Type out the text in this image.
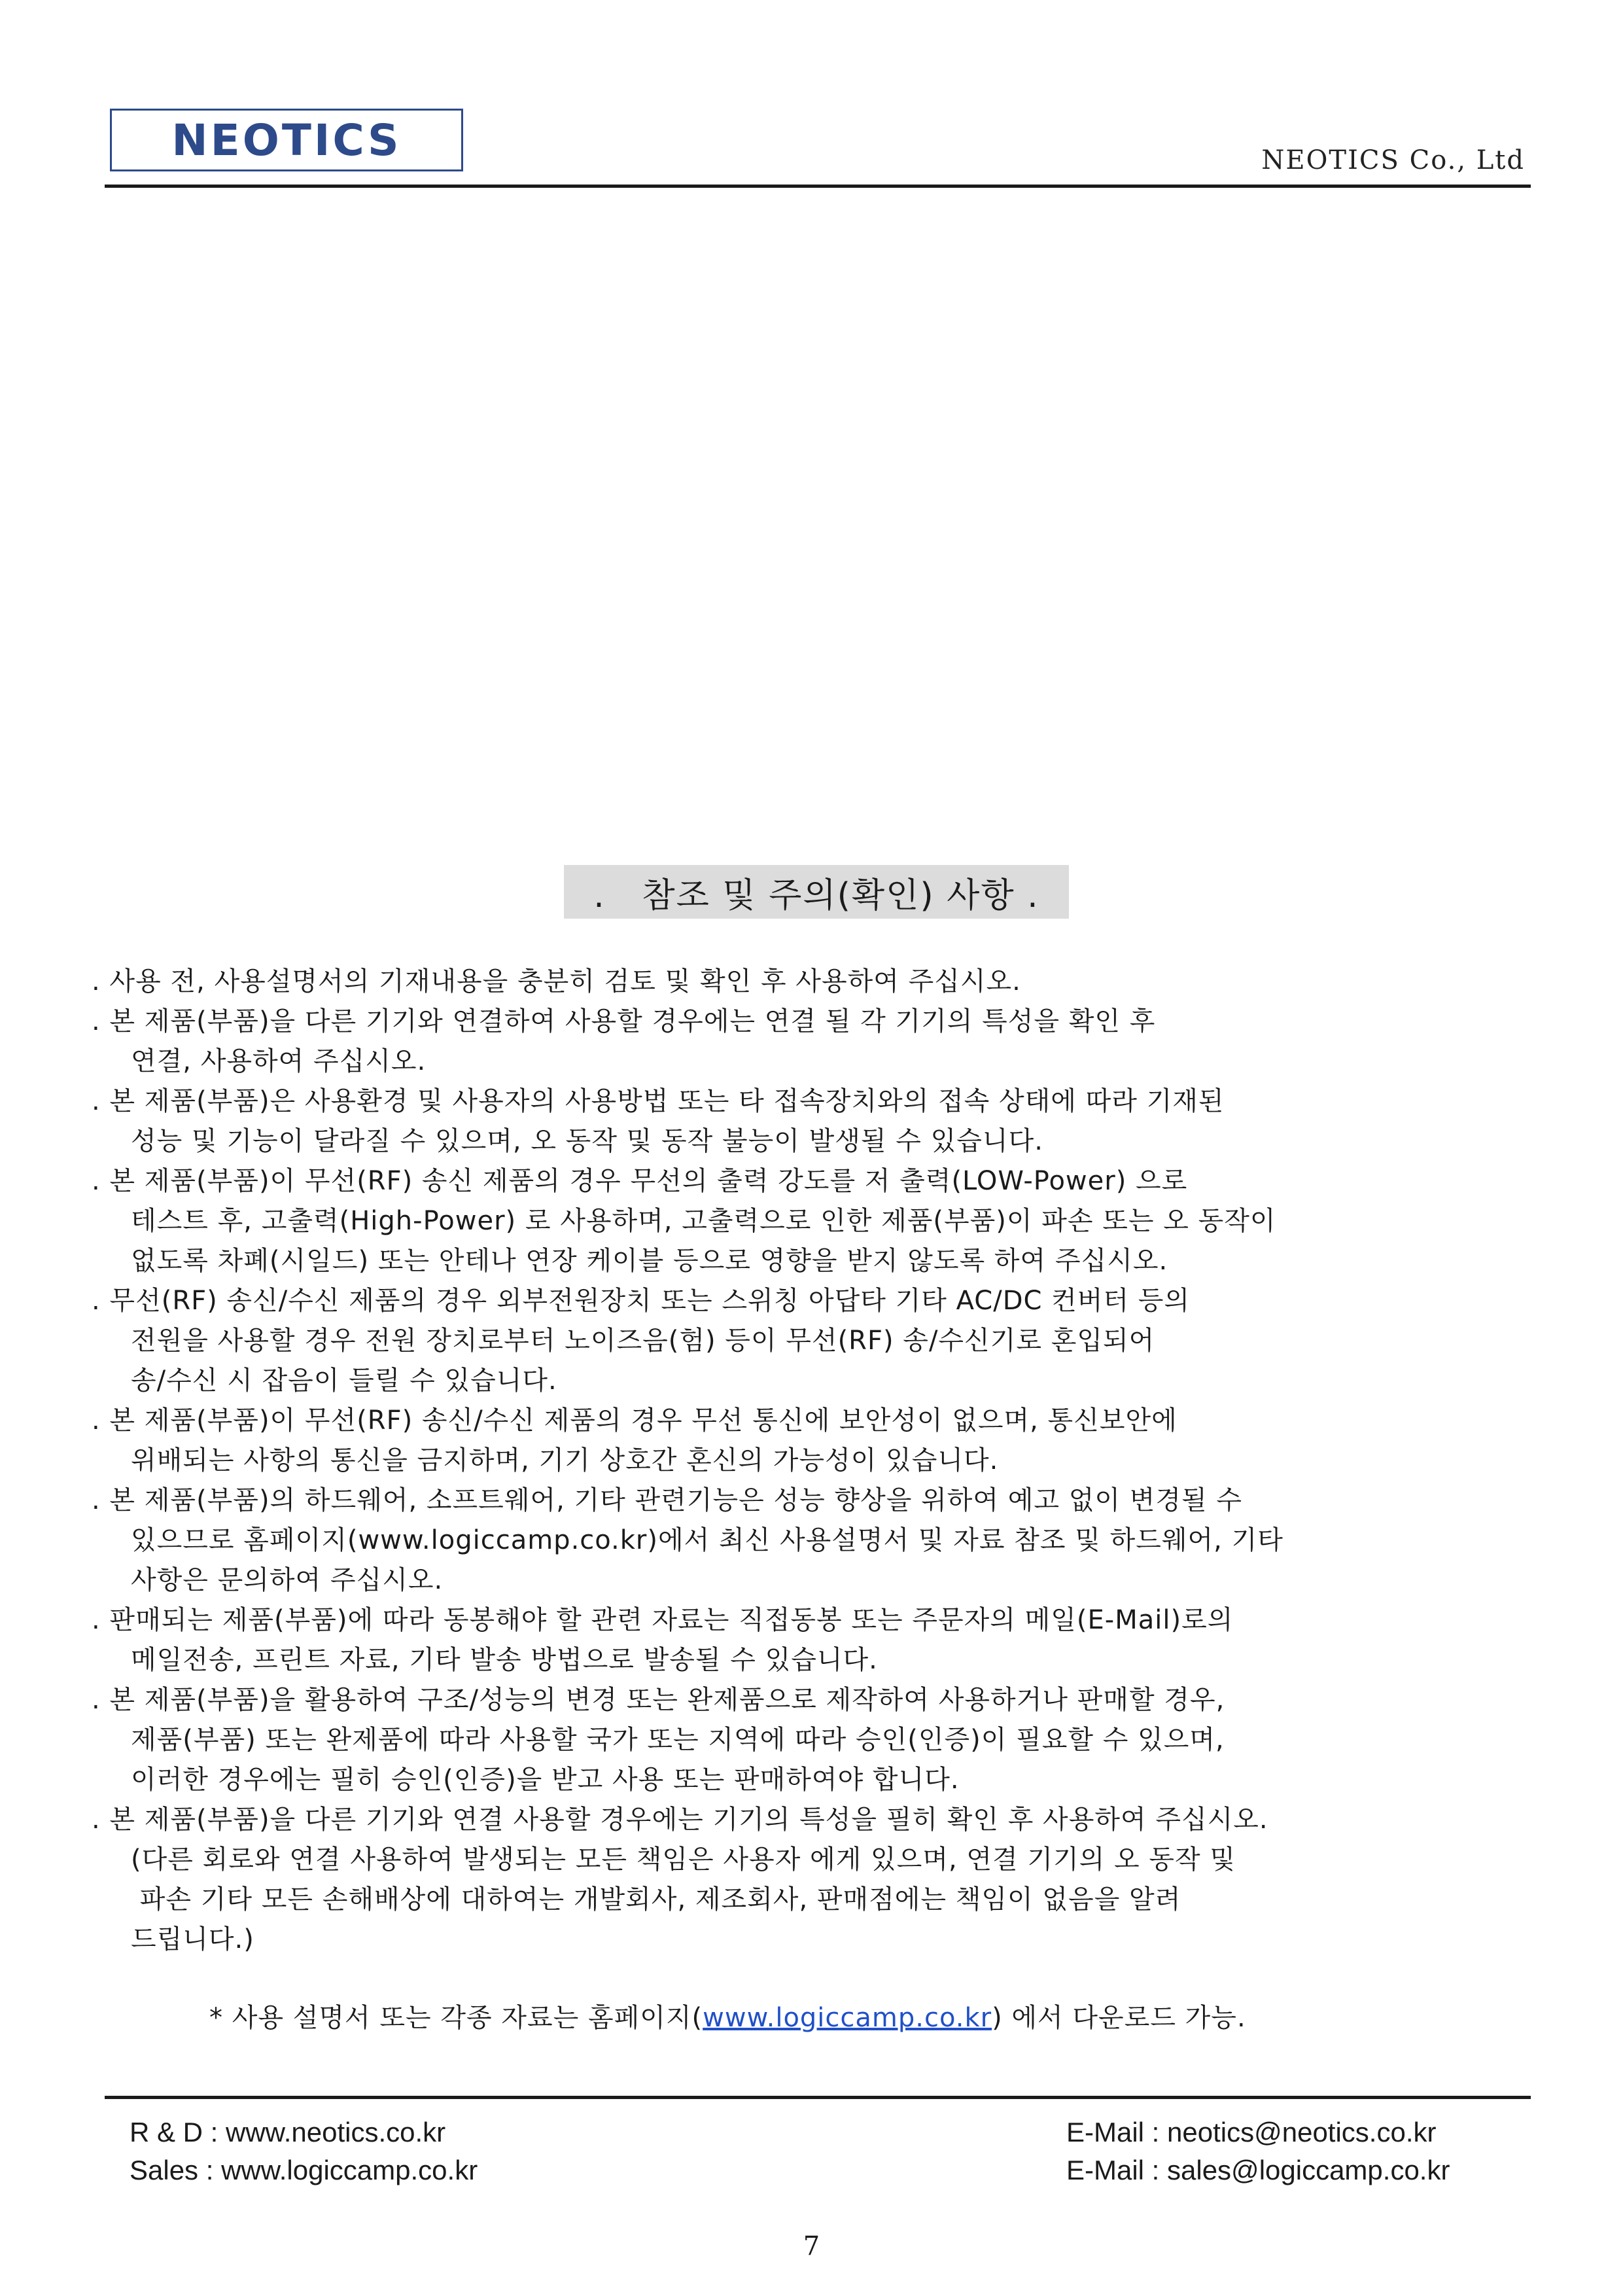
NEOTICS	NEOTICS Co., Ltd
.   참조 및 주의(확인) 사항 .
. 사용 전, 사용설명서의 기재내용을 충분히 검토 및 확인 후 사용하여 주십시오.
. 본 제품(부품)을 다른 기기와 연결하여 사용할 경우에는 연결 될 각 기기의 특성을 확인 후
연결, 사용하여 주십시오.
. 본 제품(부품)은 사용환경 및 사용자의 사용방법 또는 타 접속장치와의 접속 상태에 따라 기재된
성능 및 기능이 달라질 수 있으며, 오 동작 및 동작 불능이 발생될 수 있습니다.
. 본 제품(부품)이 무선(RF) 송신 제품의 경우 무선의 출력 강도를 저 출력(LOW-Power) 으로
테스트 후, 고출력(High-Power) 로 사용하며, 고출력으로 인한 제품(부품)이 파손 또는 오 동작이
없도록 차폐(시일드) 또는 안테나 연장 케이블 등으로 영향을 받지 않도록 하여 주십시오.
. 무선(RF) 송신/수신 제품의 경우 외부전원장치 또는 스위칭 아답타 기타 AC/DC 컨버터 등의
전원을 사용할 경우 전원 장치로부터 노이즈음(험) 등이 무선(RF) 송/수신기로 혼입되어
송/수신 시 잡음이 들릴 수 있습니다.
. 본 제품(부품)이 무선(RF) 송신/수신 제품의 경우 무선 통신에 보안성이 없으며, 통신보안에
위배되는 사항의 통신을 금지하며, 기기 상호간 혼신의 가능성이 있습니다.
. 본 제품(부품)의 하드웨어, 소프트웨어, 기타 관련기능은 성능 향상을 위하여 예고 없이 변경될 수
있으므로 홈페이지(www.logiccamp.co.kr)에서 최신 사용설명서 및 자료 참조 및 하드웨어, 기타
사항은 문의하여 주십시오.
. 판매되는 제품(부품)에 따라 동봉해야 할 관련 자료는 직접동봉 또는 주문자의 메일(E-Mail)로의
메일전송, 프린트 자료, 기타 발송 방법으로 발송될 수 있습니다.
. 본 제품(부품)을 활용하여 구조/성능의 변경 또는 완제품으로 제작하여 사용하거나 판매할 경우,
제품(부품) 또는 완제품에 따라 사용할 국가 또는 지역에 따라 승인(인증)이 필요할 수 있으며,
이러한 경우에는 필히 승인(인증)을 받고 사용 또는 판매하여야 합니다.
. 본 제품(부품)을 다른 기기와 연결 사용할 경우에는 기기의 특성을 필히 확인 후 사용하여 주십시오.
(다른 회로와 연결 사용하여 발생되는 모든 책임은 사용자 에게 있으며, 연결 기기의 오 동작 및
파손 기타 모든 손해배상에 대하여는 개발회사, 제조회사, 판매점에는 책임이 없음을 알려
드립니다.)
* 사용 설명서 또는 각종 자료는 홈페이지(www.logiccamp.co.kr) 에서 다운로드 가능.
R & D : www.neotics.co.kr
Sales : www.logiccamp.co.kr
E-Mail : neotics@neotics.co.kr
E-Mail : sales@logiccamp.co.kr
7
